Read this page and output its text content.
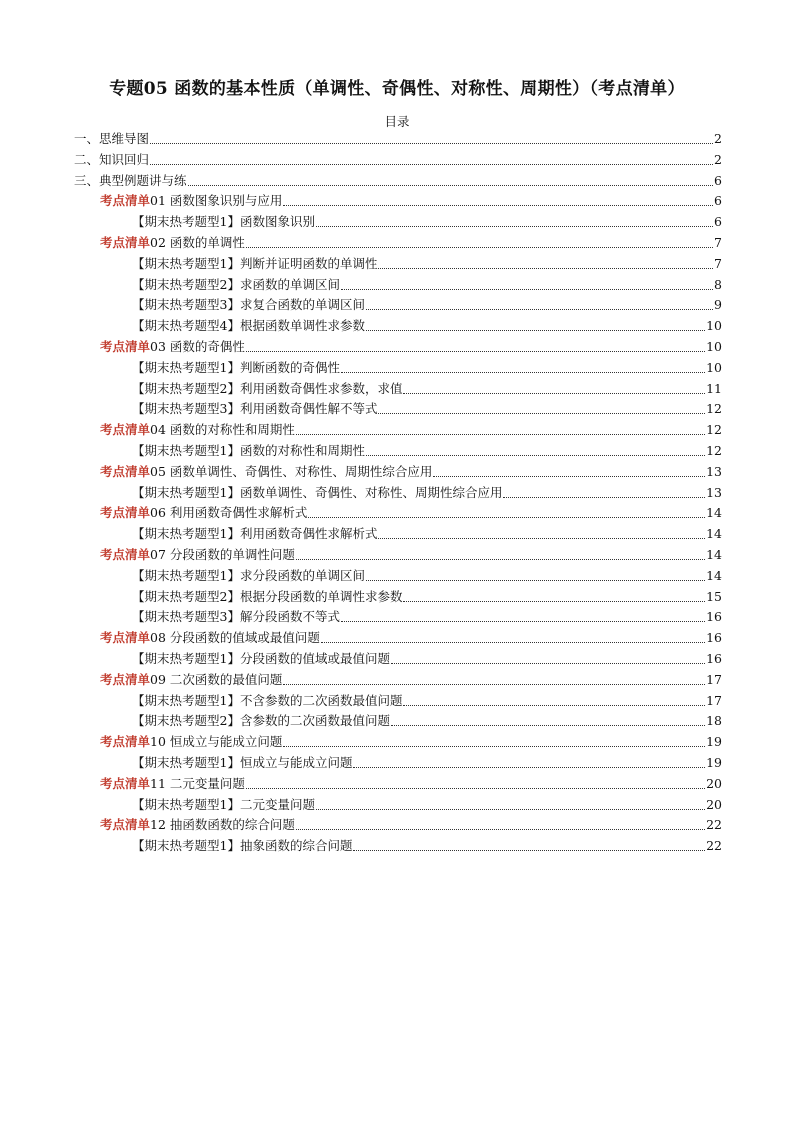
专题05 函数的基本性质（单调性、奇偶性、对称性、周期性）（考点清单）
目录
一、思维导图	2
二、知识回归	2
三、典型例题讲与练	6
考点清单 01 函数图象识别与应用	6
【期末热考题型1】函数图象识别	6
考点清单 02 函数的单调性	7
【期末热考题型1】判断并证明函数的单调性	7
【期末热考题型2】求函数的单调区间	8
【期末热考题型3】求复合函数的单调区间	9
【期末热考题型4】根据函数单调性求参数	10
考点清单 03 函数的奇偶性	10
【期末热考题型1】判断函数的奇偶性	10
【期末热考题型2】利用函数奇偶性求参数，求值	11
【期末热考题型3】利用函数奇偶性解不等式	12
考点清单 04 函数的对称性和周期性	12
【期末热考题型1】函数的对称性和周期性	12
考点清单 05 函数单调性、奇偶性、对称性、周期性综合应用	13
【期末热考题型1】函数单调性、奇偶性、对称性、周期性综合应用	13
考点清单 06 利用函数奇偶性求解析式	14
【期末热考题型1】利用函数奇偶性求解析式	14
考点清单 07 分段函数的单调性问题	14
【期末热考题型1】求分段函数的单调区间	14
【期末热考题型2】根据分段函数的单调性求参数	15
【期末热考题型3】解分段函数不等式	16
考点清单 08 分段函数的值域或最值问题	16
【期末热考题型1】分段函数的值域或最值问题	16
考点清单 09 二次函数的最值问题	17
【期末热考题型1】不含参数的二次函数最值问题	17
【期末热考题型2】含参数的二次函数最值问题	18
考点清单 10 恒成立与能成立问题	19
【期末热考题型1】恒成立与能成立问题	19
考点清单 11 二元变量问题	20
【期末热考题型1】二元变量问题	20
考点清单 12 抽函数函数的综合问题	22
【期末热考题型1】抽象函数的综合问题	22
